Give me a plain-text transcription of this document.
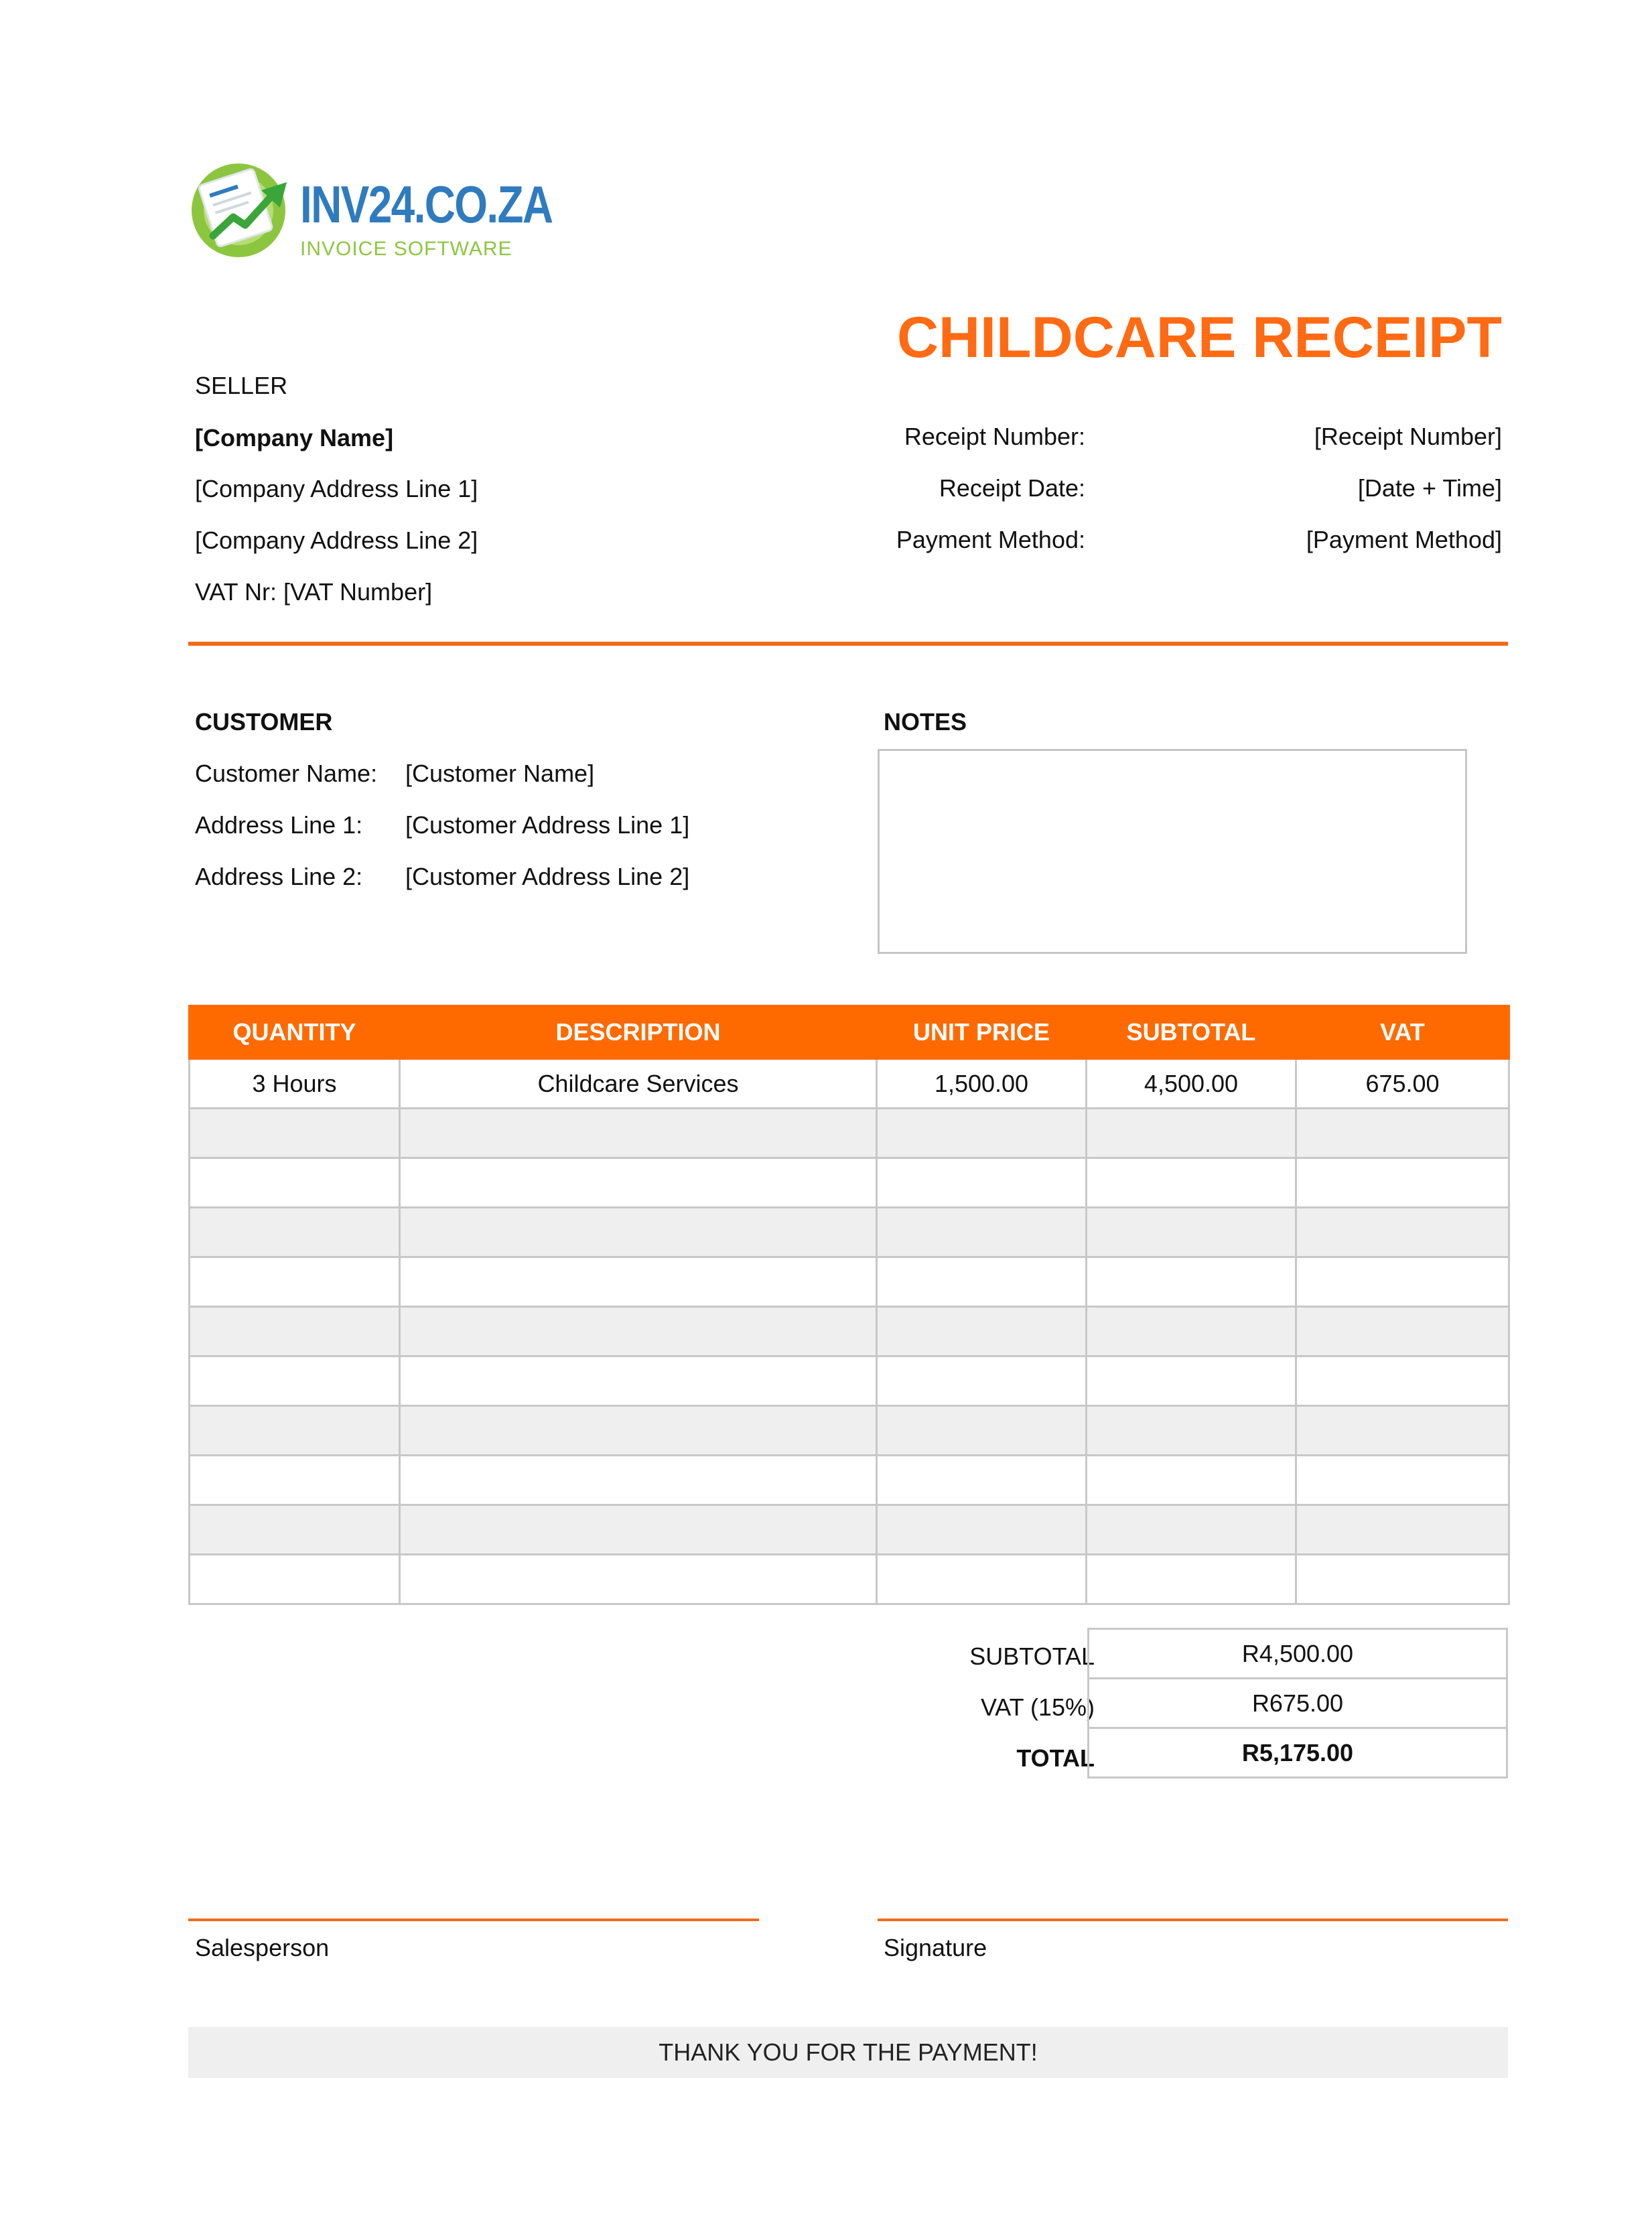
INV24.CO.ZA
INVOICE SOFTWARE
CHILDCARE RECEIPT
SELLER
[Company Name]
[Company Address Line 1]
[Company Address Line 2]
VAT Nr: [VAT Number]
Receipt Number:	[Receipt Number]
Receipt Date:	[Date + Time]
Payment Method:	[Payment Method]
CUSTOMER
Customer Name: [Customer Name]
Address Line 1: [Customer Address Line 1]
Address Line 2: [Customer Address Line 2]
NOTES
QUANTITY	DESCRIPTION	UNIT PRICE	SUBTOTAL	VAT
3 Hours	Childcare Services	1,500.00	4,500.00	675.00

SUBTOTAL	R4,500.00
VAT (15%)	R675.00
TOTAL	R5,175.00
Salesperson	Signature
THANK YOU FOR THE PAYMENT!
